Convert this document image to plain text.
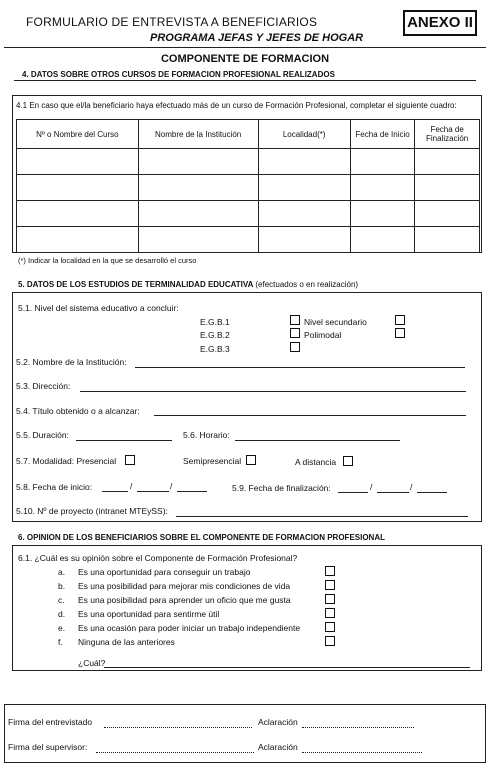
FORMULARIO DE ENTREVISTA A BENEFICIARIOS
PROGRAMA JEFAS Y JEFES DE HOGAR
ANEXO II
COMPONENTE DE FORMACION
4. DATOS SOBRE OTROS CURSOS DE FORMACION PROFESIONAL REALIZADOS
4.1 En caso que el/la beneficiario haya efectuado más de un curso de Formación Profesional, completar el siguiente cuadro:
Nº o Nombre del Curso	Nombre de la Institución	Localidad(*)	Fecha de Inicio	Fecha de Finalización

(*) Indicar la localidad en la que se desarrolló el curso
5. DATOS DE LOS ESTUDIOS DE TERMINALIDAD EDUCATIVA (efectuados o en realización)
5.1. Nivel del sistema educativo a concluir:
E.G.B.1
E.G.B.2
E.G.B.3
Nivel secundario
Polimodal
5.2. Nombre de la Institución:
5.3. Dirección:
5.4. Título obtenido o a alcanzar:
5.5. Duración:	5.6. Horario:
5.7. Modalidad: Presencial	Semipresencial	A distancia
5.8. Fecha de inicio:	/	/	5.9. Fecha de finalización:	/	/
5.10. Nº de proyecto (intranet MTEySS):
6. OPINION DE LOS BENEFICIARIOS SOBRE EL COMPONENTE DE FORMACION PROFESIONAL
6.1. ¿Cuál es su opinión sobre el Componente de Formación Profesional?
a. Es una oportunidad para conseguir un trabajo
b. Es una posibilidad para mejorar mis condiciones de vida
c. Es una posibilidad para aprender un oficio que me gusta
d. Es una oportunidad para sentirme útil
e. Es una ocasión para poder iniciar un trabajo independiente
f. Ninguna de las anteriores
¿Cuál?
Firma del entrevistado	Aclaración
Firma del supervisor:	Aclaración
